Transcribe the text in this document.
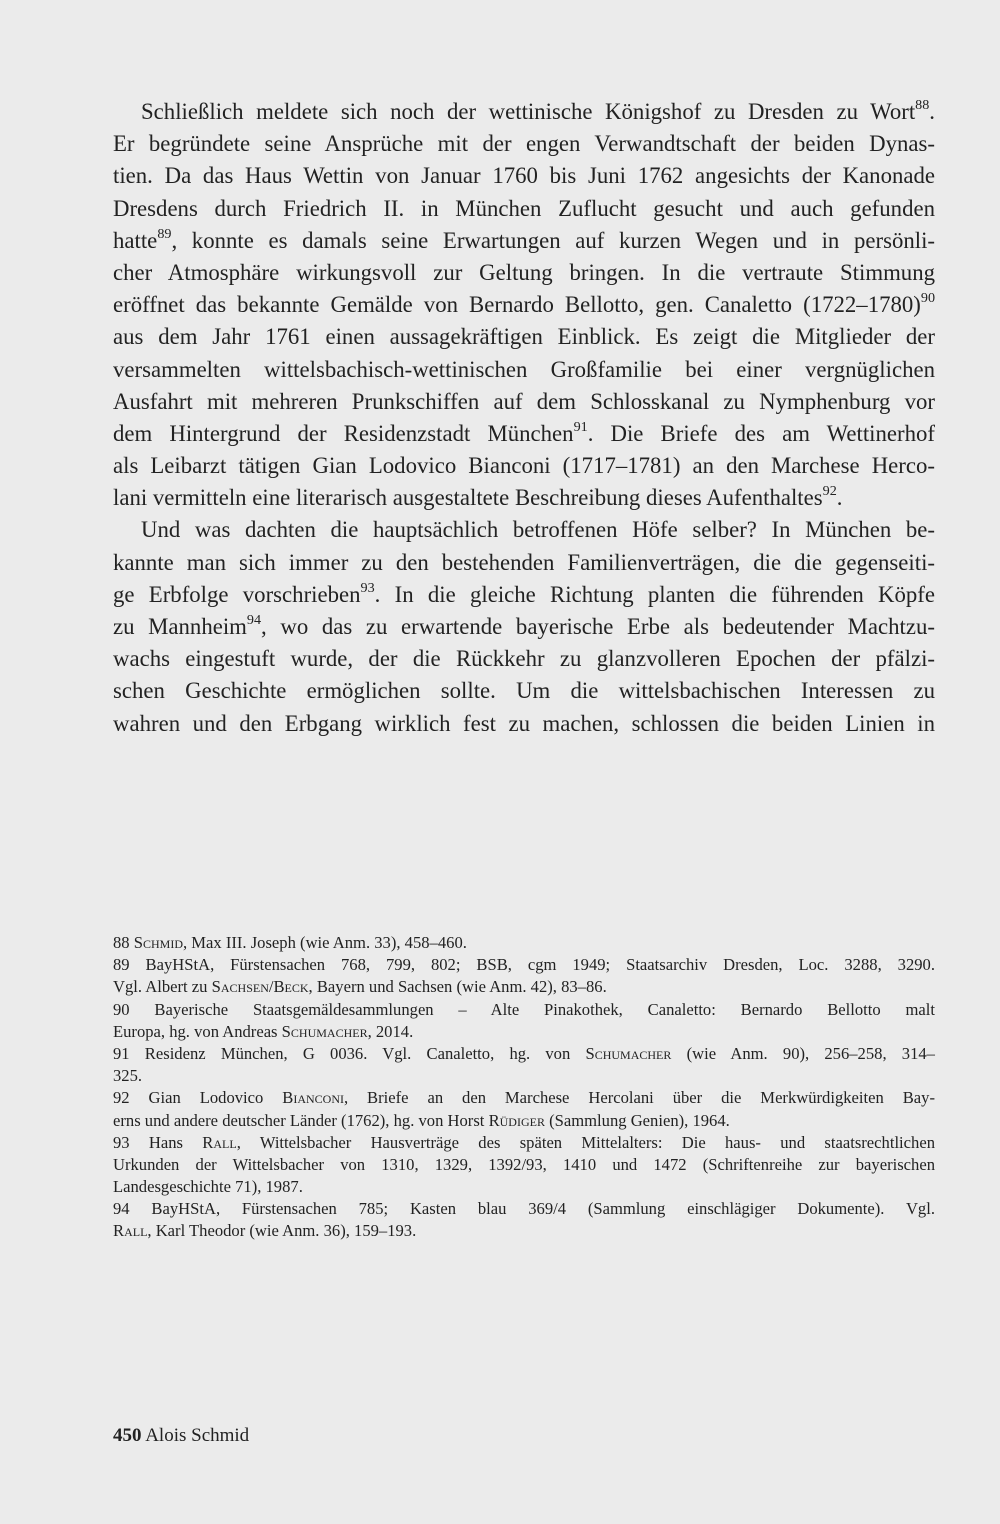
Schließlich meldete sich noch der wettinische Königshof zu Dresden zu Wort$^{88}$.
Er begründete seine Ansprüche mit der engen Verwandtschaft der beiden Dynas-
tien. Da das Haus Wettin von Januar 1760 bis Juni 1762 angesichts der Kanonade
Dresdens durch Friedrich II. in München Zuflucht gesucht und auch gefunden
hatte$^{89}$, konnte es damals seine Erwartungen auf kurzen Wegen und in persönli-
cher Atmosphäre wirkungsvoll zur Geltung bringen. In die vertraute Stimmung
eröffnet das bekannte Gemälde von Bernardo Bellotto, gen. Canaletto (1722–1780)$^{90}$
aus dem Jahr 1761 einen aussagekräftigen Einblick. Es zeigt die Mitglieder der
versammelten wittelsbachisch-wettinischen Großfamilie bei einer vergnüglichen
Ausfahrt mit mehreren Prunkschiffen auf dem Schlosskanal zu Nymphenburg vor
dem Hintergrund der Residenzstadt München$^{91}$. Die Briefe des am Wettinerhof
als Leibarzt tätigen Gian Lodovico Bianconi (1717–1781) an den Marchese Herco-
lani vermitteln eine literarisch ausgestaltete Beschreibung dieses Aufenthaltes$^{92}$.
Und was dachten die hauptsächlich betroffenen Höfe selber? In München be-
kannte man sich immer zu den bestehenden Familienverträgen, die die gegenseiti-
ge Erbfolge vorschrieben$^{93}$. In die gleiche Richtung planten die führenden Köpfe
zu Mannheim$^{94}$, wo das zu erwartende bayerische Erbe als bedeutender Machtzu-
wachs eingestuft wurde, der die Rückkehr zu glanzvolleren Epochen der pfälzi-
schen Geschichte ermöglichen sollte. Um die wittelsbachischen Interessen zu
wahren und den Erbgang wirklich fest zu machen, schlossen die beiden Linien in
88 Schmid, Max III. Joseph (wie Anm. 33), 458–460.
89 BayHStA, Fürstensachen 768, 799, 802; BSB, cgm 1949; Staatsarchiv Dresden, Loc. 3288, 3290.
Vgl. Albert zu Sachsen/Beck, Bayern und Sachsen (wie Anm. 42), 83–86.
90 Bayerische Staatsgemäldesammlungen – Alte Pinakothek, Canaletto: Bernardo Bellotto malt
Europa, hg. von Andreas Schumacher, 2014.
91 Residenz München, G 0036. Vgl. Canaletto, hg. von Schumacher (wie Anm. 90), 256–258, 314–
325.
92 Gian Lodovico Bianconi, Briefe an den Marchese Hercolani über die Merkwürdigkeiten Bay-
erns und andere deutscher Länder (1762), hg. von Horst Rüdiger (Sammlung Genien), 1964.
93 Hans Rall, Wittelsbacher Hausverträge des späten Mittelalters: Die haus- und staatsrechtlichen
Urkunden der Wittelsbacher von 1310, 1329, 1392/93, 1410 und 1472 (Schriftenreihe zur bayerischen
Landesgeschichte 71), 1987.
94 BayHStA, Fürstensachen 785; Kasten blau 369/4 (Sammlung einschlägiger Dokumente). Vgl.
Rall, Karl Theodor (wie Anm. 36), 159–193.
450 Alois Schmid
